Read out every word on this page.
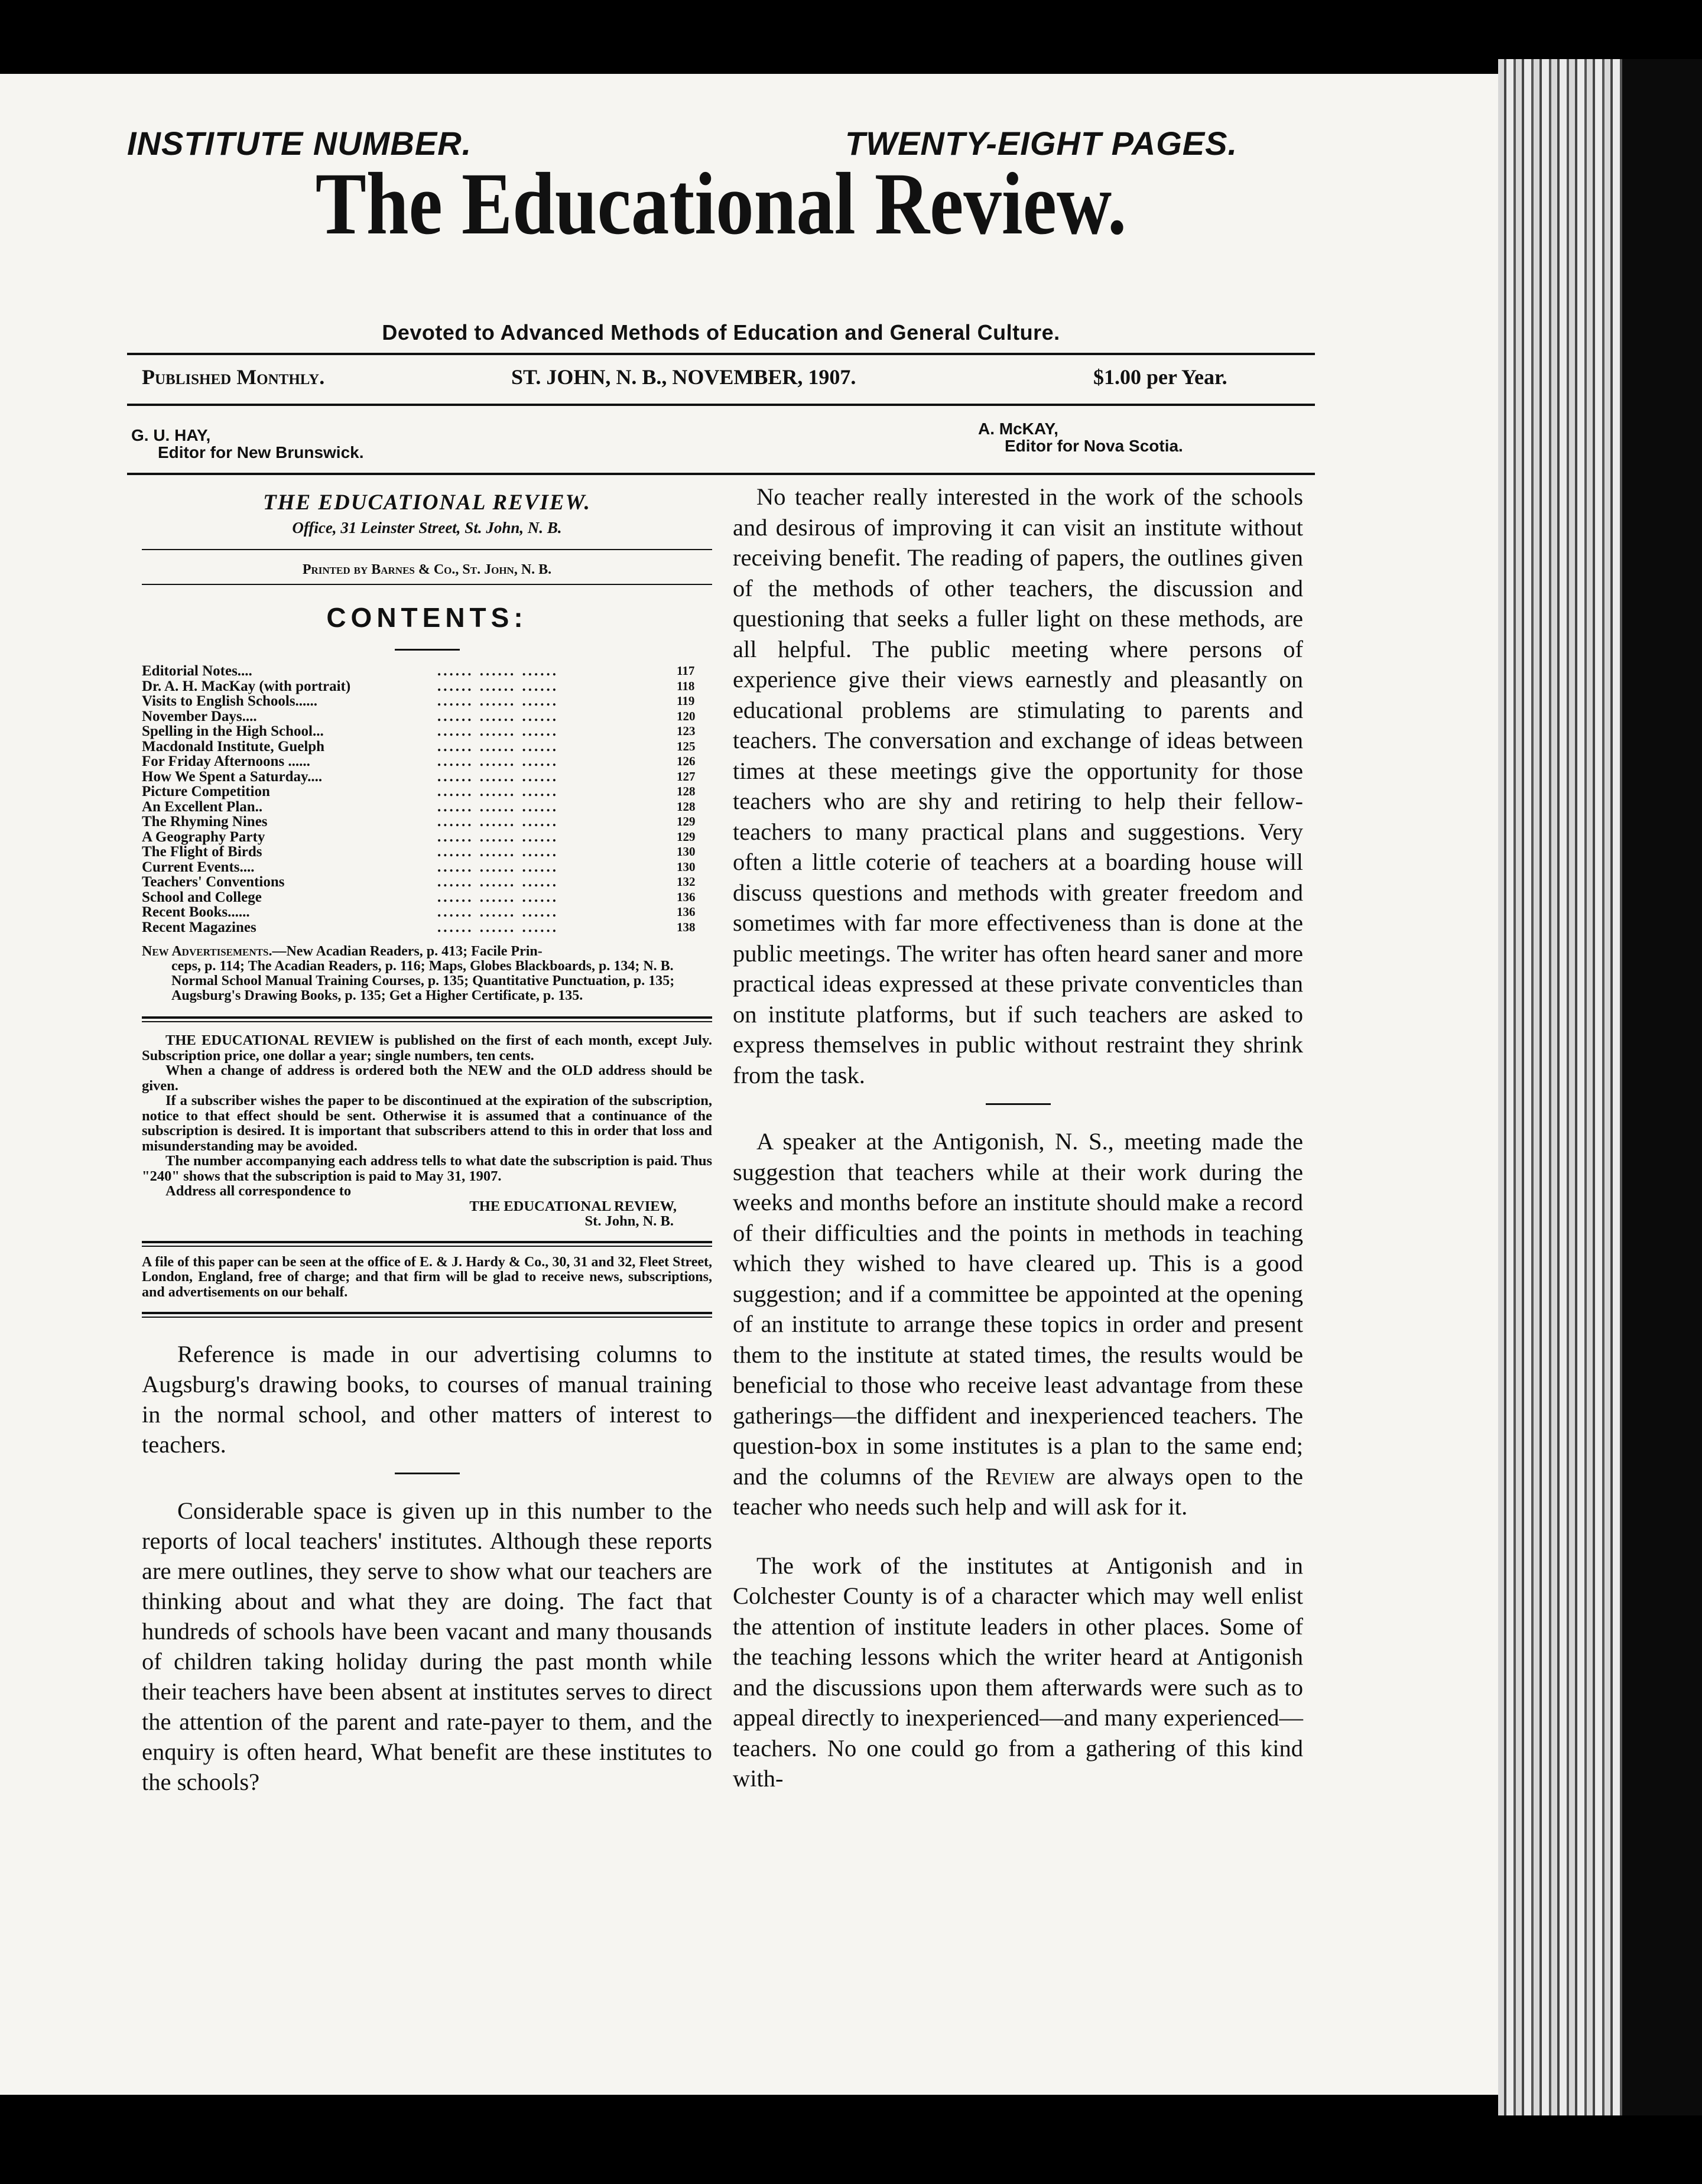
INSTITUTE NUMBER.	TWENTY-EIGHT PAGES.
The Educational Review.
Devoted to Advanced Methods of Education and General Culture.
Published Monthly.	ST. JOHN, N. B., NOVEMBER, 1907.	$1.00 per Year.
G. U. HAY,
Editor for New Brunswick.
A. McKAY,
Editor for Nova Scotia.
THE EDUCATIONAL REVIEW.
Office, 31 Leinster Street, St. John, N. B.
Printed by Barnes & Co., St. John, N. B.
CONTENTS:
Editorial Notes....	...... ...... ......	117
Dr. A. H. MacKay (with portrait)	...... ...... ......	118
Visits to English Schools......	...... ...... ......	119
November Days....	...... ...... ......	120
Spelling in the High School...	...... ...... ......	123
Macdonald Institute, Guelph	...... ...... ......	125
For Friday Afternoons ......	...... ...... ......	126
How We Spent a Saturday....	...... ...... ......	127
Picture Competition	...... ...... ......	128
An Excellent Plan..	...... ...... ......	128
The Rhyming Nines	...... ...... ......	129
A Geography Party	...... ...... ......	129
The Flight of Birds	...... ...... ......	130
Current Events....	...... ...... ......	130
Teachers' Conventions	...... ...... ......	132
School and College	...... ...... ......	136
Recent Books......	...... ...... ......	136
Recent Magazines	...... ...... ......	138
New Advertisements.—New Acadian Readers, p. 413; Facile Prin-
ceps, p. 114; The Acadian Readers, p. 116; Maps, Globes Blackboards, p. 134; N. B. Normal School Manual Training Courses, p. 135; Quantitative Punctuation, p. 135; Augsburg's Drawing Books, p. 135; Get a Higher Certificate, p. 135.

THE EDUCATIONAL REVIEW is published on the first of each month, except July. Subscription price, one dollar a year; single numbers, ten cents.

When a change of address is ordered both the NEW and the OLD address should be given.

If a subscriber wishes the paper to be discontinued at the expiration of the subscription, notice to that effect should be sent. Otherwise it is assumed that a continuance of the subscription is desired. It is important that subscribers attend to this in order that loss and misunderstanding may be avoided.

The number accompanying each address tells to what date the subscription is paid. Thus "240" shows that the subscription is paid to May 31, 1907.

Address all correspondence to

THE EDUCATIONAL REVIEW,

St. John, N. B.

A file of this paper can be seen at the office of E. & J. Hardy & Co., 30, 31 and 32, Fleet Street, London, England, free of charge; and that firm will be glad to receive news, subscriptions, and advertisements on our behalf.

Reference is made in our advertising columns to Augsburg's drawing books, to courses of manual training in the normal school, and other matters of interest to teachers.

Considerable space is given up in this number to the reports of local teachers' institutes. Although these reports are mere outlines, they serve to show what our teachers are thinking about and what they are doing. The fact that hundreds of schools have been vacant and many thousands of children taking holiday during the past month while their teachers have been absent at institutes serves to direct the attention of the parent and rate-payer to them, and the enquiry is often heard, What benefit are these institutes to the schools?

No teacher really interested in the work of the schools and desirous of improving it can visit an institute without receiving benefit. The reading of papers, the outlines given of the methods of other teachers, the discussion and questioning that seeks a fuller light on these methods, are all helpful. The public meeting where persons of experience give their views earnestly and pleasantly on educational problems are stimulating to parents and teachers. The conversation and exchange of ideas between times at these meetings give the opportunity for those teachers who are shy and retiring to help their fellow-teachers to many practical plans and suggestions. Very often a little coterie of teachers at a boarding house will discuss questions and methods with greater freedom and sometimes with far more effectiveness than is done at the public meetings. The writer has often heard saner and more practical ideas expressed at these private conventicles than on institute platforms, but if such teachers are asked to express themselves in public without restraint they shrink from the task.

A speaker at the Antigonish, N. S., meeting made the suggestion that teachers while at their work during the weeks and months before an institute should make a record of their difficulties and the points in methods in teaching which they wished to have cleared up. This is a good suggestion; and if a committee be appointed at the opening of an institute to arrange these topics in order and present them to the institute at stated times, the results would be beneficial to those who receive least advantage from these gatherings—the diffident and inexperienced teachers. The question-box in some institutes is a plan to the same end; and the columns of the Review are always open to the teacher who needs such help and will ask for it.

The work of the institutes at Antigonish and in Colchester County is of a character which may well enlist the attention of institute leaders in other places. Some of the teaching lessons which the writer heard at Antigonish and the discussions upon them afterwards were such as to appeal directly to inexperienced—and many experienced—teachers. No one could go from a gathering of this kind with-
